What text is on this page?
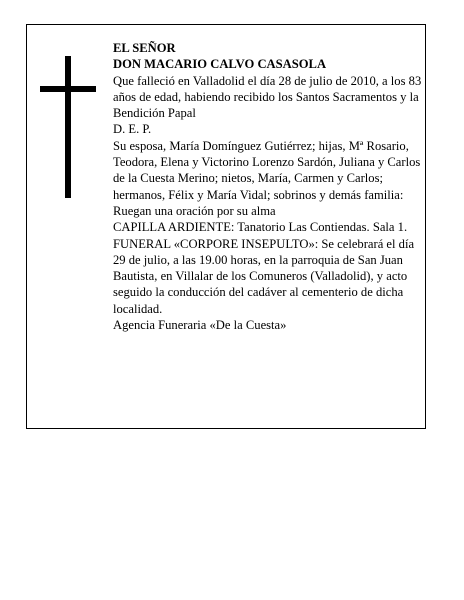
EL SEÑOR

DON MACARIO CALVO CASASOLA

Que falleció en Valladolid el día 28 de julio de 2010, a los 83 años de edad, habiendo recibido los Santos Sacramentos y la Bendición Papal

D. E. P.

Su esposa, María Domínguez Gutiérrez; hijas, Mª Rosario, Teodora, Elena y Victorino Lorenzo Sardón, Juliana y Carlos de la Cuesta Merino; nietos, María, Carmen y Carlos; hermanos, Félix y María Vidal; sobrinos y demás familia:

Ruegan una oración por su alma

CAPILLA ARDIENTE: Tanatorio Las Contiendas. Sala 1.

FUNERAL «CORPORE INSEPULTO»: Se celebrará el día 29 de julio, a las 19.00 horas, en la parroquia de San Juan Bautista, en Villalar de los Comuneros (Valladolid), y acto seguido la conducción del cadáver al cementerio de dicha localidad.

Agencia Funeraria «De la Cuesta»
